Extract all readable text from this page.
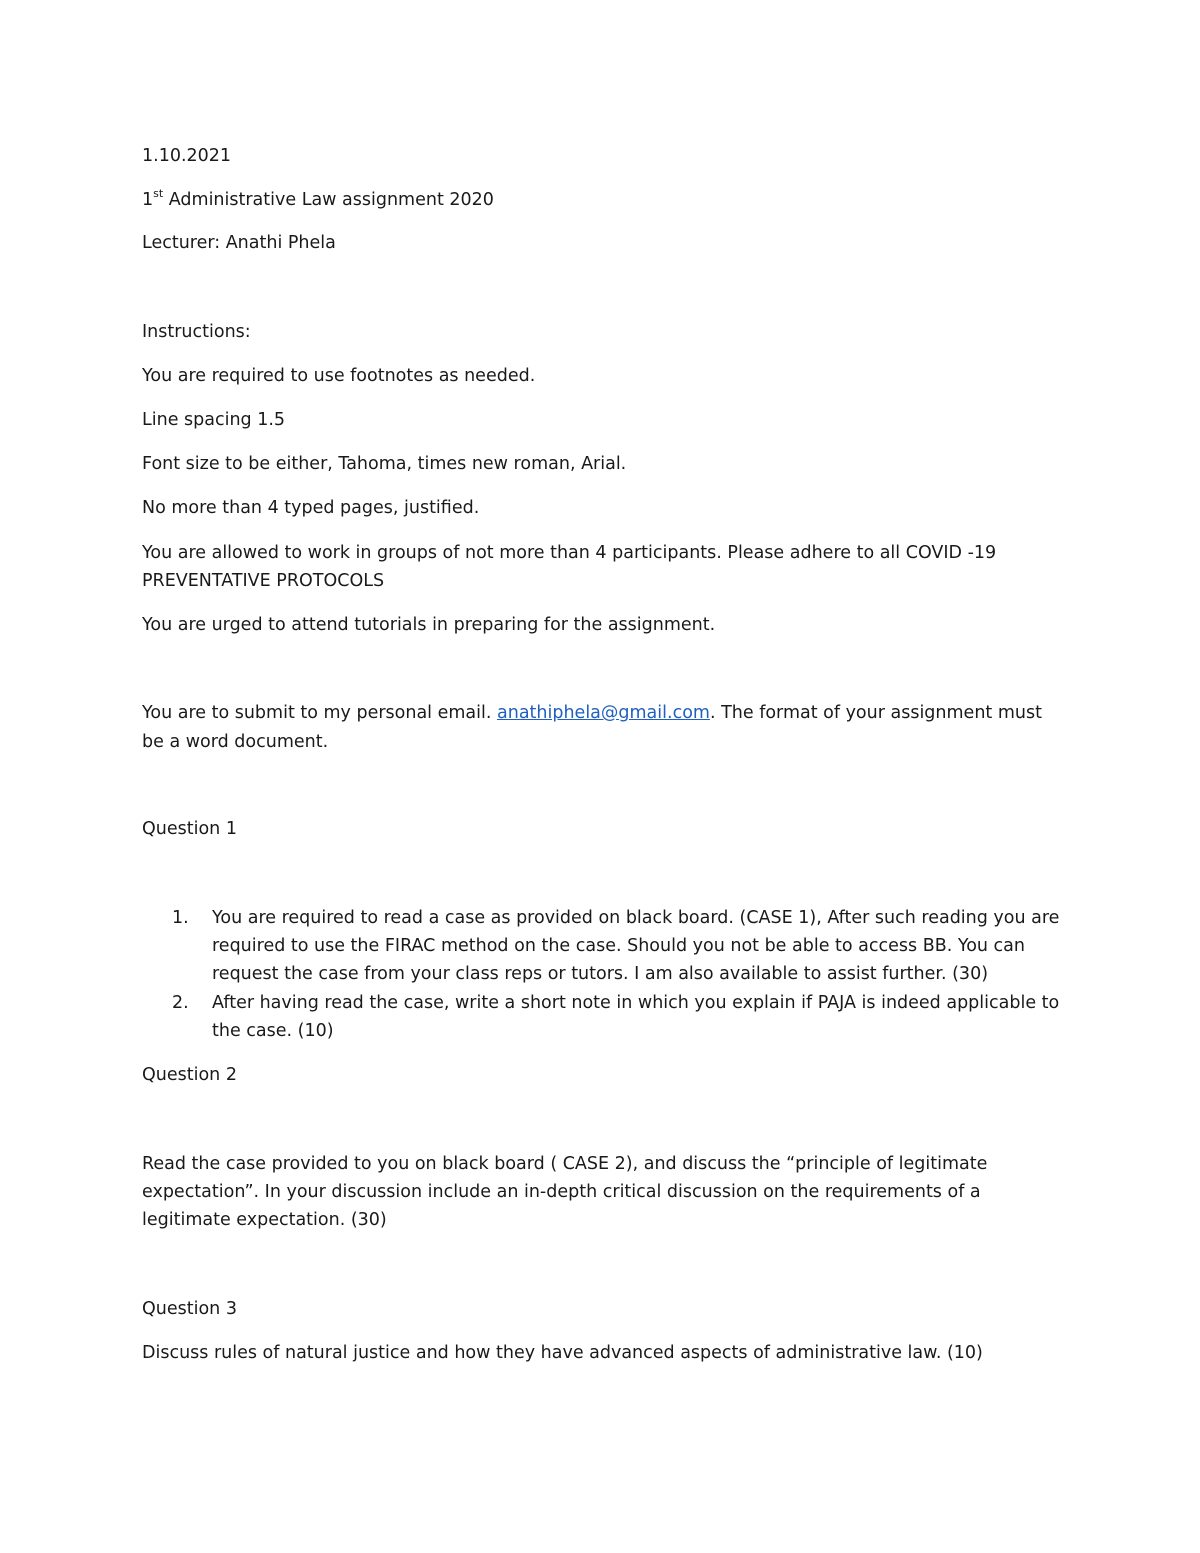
1.10.2021
1st Administrative Law assignment 2020
Lecturer: Anathi Phela
Instructions:
You are required to use footnotes as needed.
Line spacing 1.5
Font size to be either, Tahoma, times new roman, Arial.
No more than 4 typed pages, justified.
You are allowed to work in groups of not more than 4 participants. Please adhere to all COVID -19
PREVENTATIVE PROTOCOLS
You are urged to attend tutorials in preparing for the assignment.
You are to submit to my personal email. anathiphela@gmail.com. The format of your assignment must
be a word document.
Question 1
1. You are required to read a case as provided on black board. (CASE 1), After such reading you are
required to use the FIRAC method on the case. Should you not be able to access BB. You can
request the case from your class reps or tutors. I am also available to assist further. (30)
2. After having read the case, write a short note in which you explain if PAJA is indeed applicable to
the case. (10)
Question 2
Read the case provided to you on black board ( CASE 2), and discuss the “principle of legitimate
expectation”. In your discussion include an in-depth critical discussion on the requirements of a
legitimate expectation. (30)
Question 3
Discuss rules of natural justice and how they have advanced aspects of administrative law. (10)
